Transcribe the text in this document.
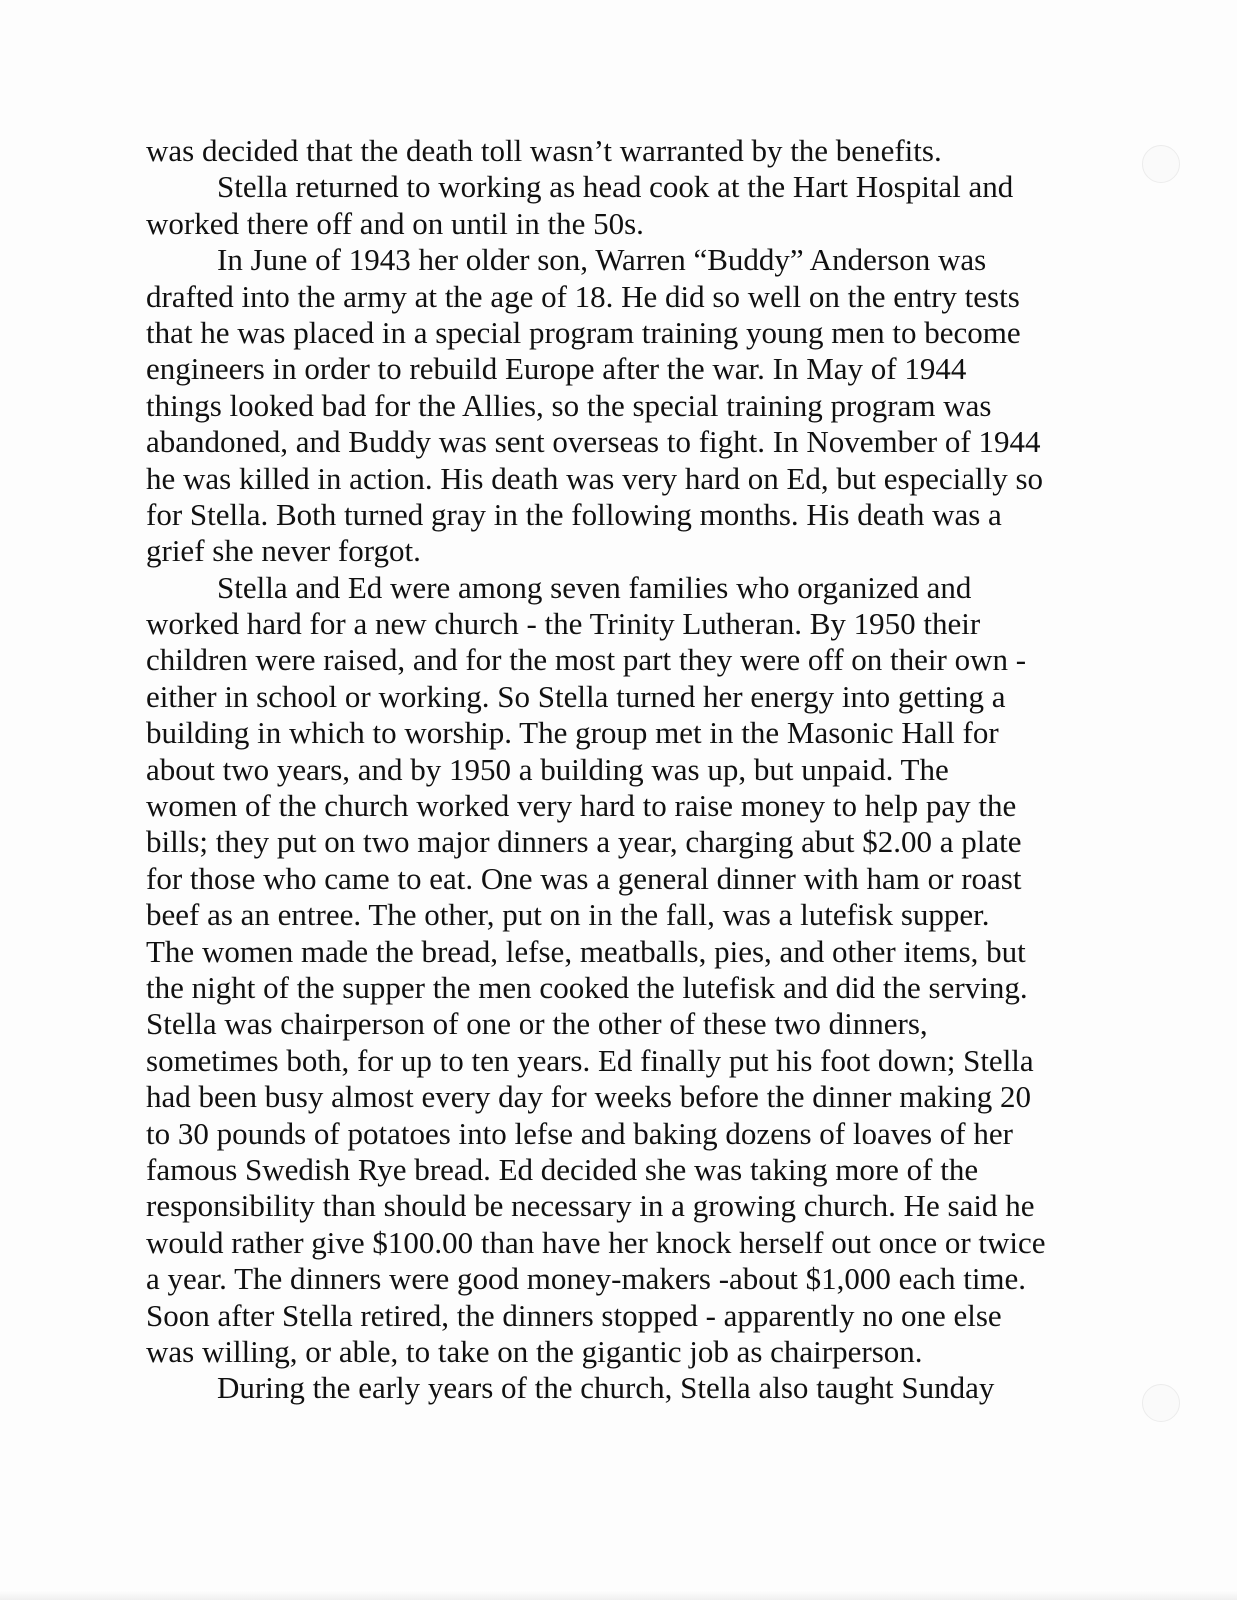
was decided that the death toll wasn’t warranted by the benefits.
Stella returned to working as head cook at the Hart Hospital and
worked there off and on until in the 50s.
In June of 1943 her older son, Warren “Buddy” Anderson was
drafted into the army at the age of 18. He did so well on the entry tests
that he was placed in a special program training young men to become
engineers in order to rebuild Europe after the war. In May of 1944
things looked bad for the Allies, so the special training program was
abandoned, and Buddy was sent overseas to fight. In November of 1944
he was killed in action. His death was very hard on Ed, but especially so
for Stella. Both turned gray in the following months. His death was a
grief she never forgot.
Stella and Ed were among seven families who organized and
worked hard for a new church - the Trinity Lutheran. By 1950 their
children were raised, and for the most part they were off on their own -
either in school or working. So Stella turned her energy into getting a
building in which to worship. The group met in the Masonic Hall for
about two years, and by 1950 a building was up, but unpaid. The
women of the church worked very hard to raise money to help pay the
bills; they put on two major dinners a year, charging abut $2.00 a plate
for those who came to eat. One was a general dinner with ham or roast
beef as an entree. The other, put on in the fall, was a lutefisk supper.
The women made the bread, lefse, meatballs, pies, and other items, but
the night of the supper the men cooked the lutefisk and did the serving.
Stella was chairperson of one or the other of these two dinners,
sometimes both, for up to ten years. Ed finally put his foot down; Stella
had been busy almost every day for weeks before the dinner making 20
to 30 pounds of potatoes into lefse and baking dozens of loaves of her
famous Swedish Rye bread. Ed decided she was taking more of the
responsibility than should be necessary in a growing church. He said he
would rather give $100.00 than have her knock herself out once or twice
a year. The dinners were good money-makers -about $1,000 each time.
Soon after Stella retired, the dinners stopped - apparently no one else
was willing, or able, to take on the gigantic job as chairperson.
During the early years of the church, Stella also taught Sunday
